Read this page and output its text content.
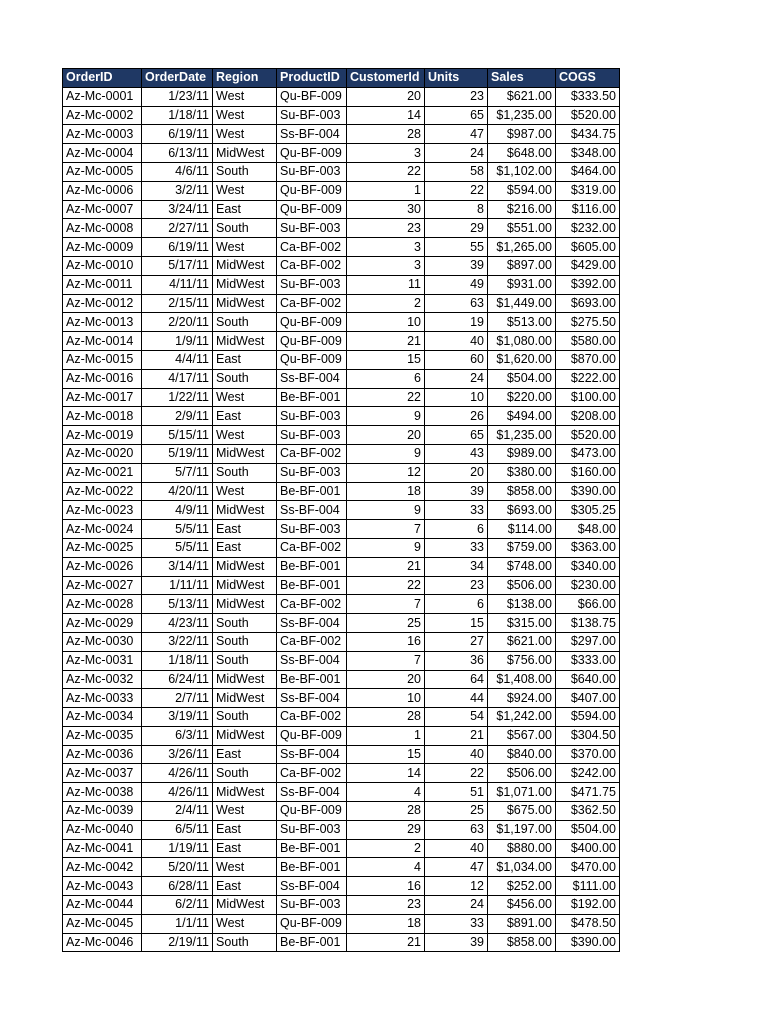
OrderID	OrderDate	Region	ProductID	CustomerId	Units	Sales	COGS
Az-Mc-0001	1/23/11	West	Qu-BF-009	20	23	$621.00	$333.50
Az-Mc-0002	1/18/11	West	Su-BF-003	14	65	$1,235.00	$520.00
Az-Mc-0003	6/19/11	West	Ss-BF-004	28	47	$987.00	$434.75
Az-Mc-0004	6/13/11	MidWest	Qu-BF-009	3	24	$648.00	$348.00
Az-Mc-0005	4/6/11	South	Su-BF-003	22	58	$1,102.00	$464.00
Az-Mc-0006	3/2/11	West	Qu-BF-009	1	22	$594.00	$319.00
Az-Mc-0007	3/24/11	East	Qu-BF-009	30	8	$216.00	$116.00
Az-Mc-0008	2/27/11	South	Su-BF-003	23	29	$551.00	$232.00
Az-Mc-0009	6/19/11	West	Ca-BF-002	3	55	$1,265.00	$605.00
Az-Mc-0010	5/17/11	MidWest	Ca-BF-002	3	39	$897.00	$429.00
Az-Mc-0011	4/11/11	MidWest	Su-BF-003	11	49	$931.00	$392.00
Az-Mc-0012	2/15/11	MidWest	Ca-BF-002	2	63	$1,449.00	$693.00
Az-Mc-0013	2/20/11	South	Qu-BF-009	10	19	$513.00	$275.50
Az-Mc-0014	1/9/11	MidWest	Qu-BF-009	21	40	$1,080.00	$580.00
Az-Mc-0015	4/4/11	East	Qu-BF-009	15	60	$1,620.00	$870.00
Az-Mc-0016	4/17/11	South	Ss-BF-004	6	24	$504.00	$222.00
Az-Mc-0017	1/22/11	West	Be-BF-001	22	10	$220.00	$100.00
Az-Mc-0018	2/9/11	East	Su-BF-003	9	26	$494.00	$208.00
Az-Mc-0019	5/15/11	West	Su-BF-003	20	65	$1,235.00	$520.00
Az-Mc-0020	5/19/11	MidWest	Ca-BF-002	9	43	$989.00	$473.00
Az-Mc-0021	5/7/11	South	Su-BF-003	12	20	$380.00	$160.00
Az-Mc-0022	4/20/11	West	Be-BF-001	18	39	$858.00	$390.00
Az-Mc-0023	4/9/11	MidWest	Ss-BF-004	9	33	$693.00	$305.25
Az-Mc-0024	5/5/11	East	Su-BF-003	7	6	$114.00	$48.00
Az-Mc-0025	5/5/11	East	Ca-BF-002	9	33	$759.00	$363.00
Az-Mc-0026	3/14/11	MidWest	Be-BF-001	21	34	$748.00	$340.00
Az-Mc-0027	1/11/11	MidWest	Be-BF-001	22	23	$506.00	$230.00
Az-Mc-0028	5/13/11	MidWest	Ca-BF-002	7	6	$138.00	$66.00
Az-Mc-0029	4/23/11	South	Ss-BF-004	25	15	$315.00	$138.75
Az-Mc-0030	3/22/11	South	Ca-BF-002	16	27	$621.00	$297.00
Az-Mc-0031	1/18/11	South	Ss-BF-004	7	36	$756.00	$333.00
Az-Mc-0032	6/24/11	MidWest	Be-BF-001	20	64	$1,408.00	$640.00
Az-Mc-0033	2/7/11	MidWest	Ss-BF-004	10	44	$924.00	$407.00
Az-Mc-0034	3/19/11	South	Ca-BF-002	28	54	$1,242.00	$594.00
Az-Mc-0035	6/3/11	MidWest	Qu-BF-009	1	21	$567.00	$304.50
Az-Mc-0036	3/26/11	East	Ss-BF-004	15	40	$840.00	$370.00
Az-Mc-0037	4/26/11	South	Ca-BF-002	14	22	$506.00	$242.00
Az-Mc-0038	4/26/11	MidWest	Ss-BF-004	4	51	$1,071.00	$471.75
Az-Mc-0039	2/4/11	West	Qu-BF-009	28	25	$675.00	$362.50
Az-Mc-0040	6/5/11	East	Su-BF-003	29	63	$1,197.00	$504.00
Az-Mc-0041	1/19/11	East	Be-BF-001	2	40	$880.00	$400.00
Az-Mc-0042	5/20/11	West	Be-BF-001	4	47	$1,034.00	$470.00
Az-Mc-0043	6/28/11	East	Ss-BF-004	16	12	$252.00	$111.00
Az-Mc-0044	6/2/11	MidWest	Su-BF-003	23	24	$456.00	$192.00
Az-Mc-0045	1/1/11	West	Qu-BF-009	18	33	$891.00	$478.50
Az-Mc-0046	2/19/11	South	Be-BF-001	21	39	$858.00	$390.00
